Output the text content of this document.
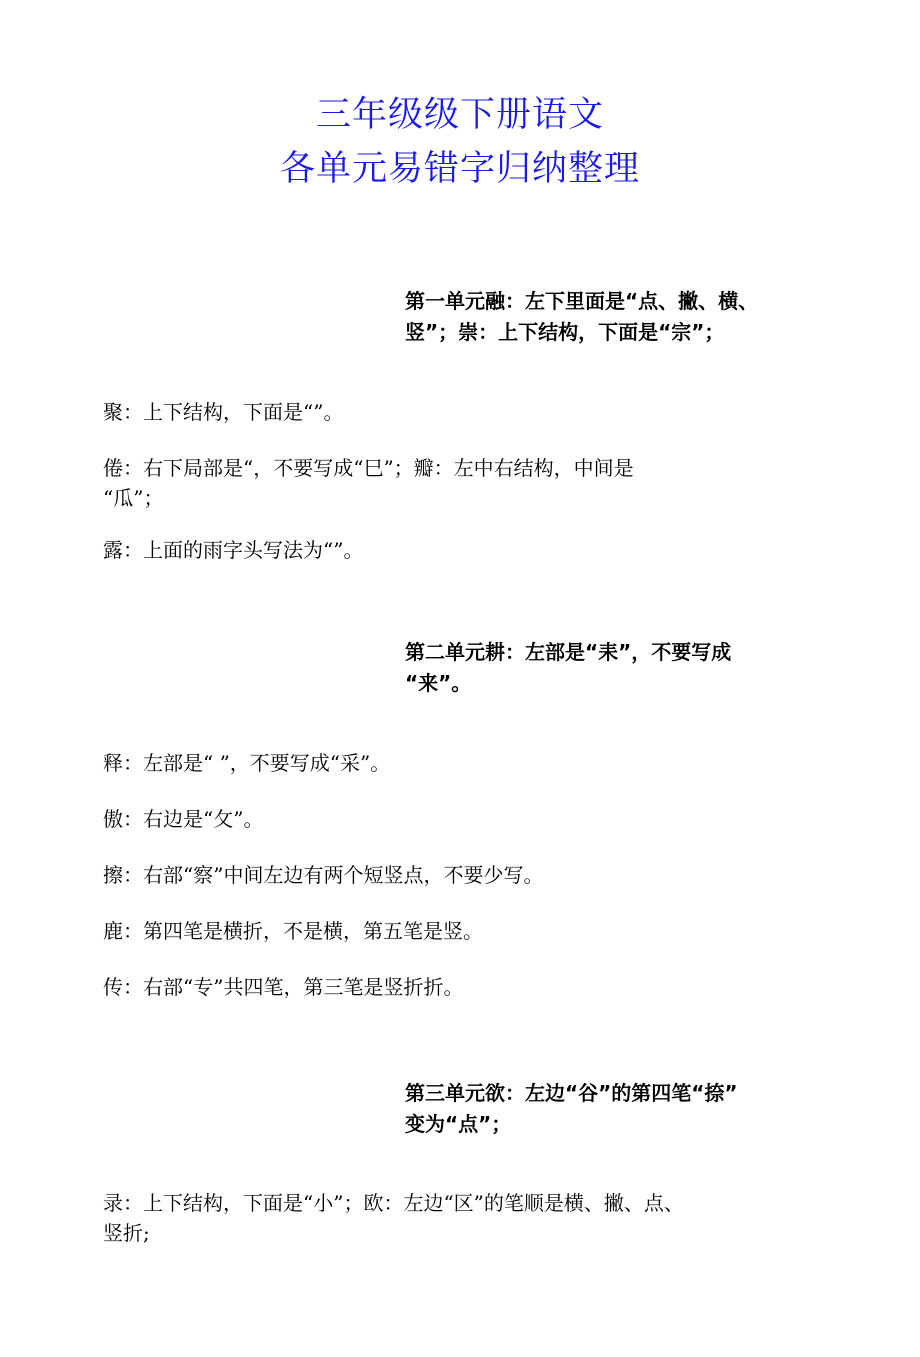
三年级级下册语文
各单元易错字归纳整理
第一单元融：左下里面是“点、撇、横、
竖”；崇：上下结构，下面是“宗”；
聚：上下结构，下面是“”。
倦：右下局部是“，不要写成“巳”；瓣：左中右结构，中间是
“瓜”；
露：上面的雨字头写法为“”。
第二单元耕：左部是“耒”，不要写成
“来”。
释：左部是“ ”，不要写成“采”。
傲：右边是“攵”。
擦：右部“察”中间左边有两个短竖点，不要少写。
鹿：第四笔是横折，不是横，第五笔是竖。
传：右部“专”共四笔，第三笔是竖折折。
第三单元欲：左边“谷”的第四笔“捺”
变为“点”；
录：上下结构，下面是“小”；欧：左边“区”的笔顺是横、撇、点、
竖折;
